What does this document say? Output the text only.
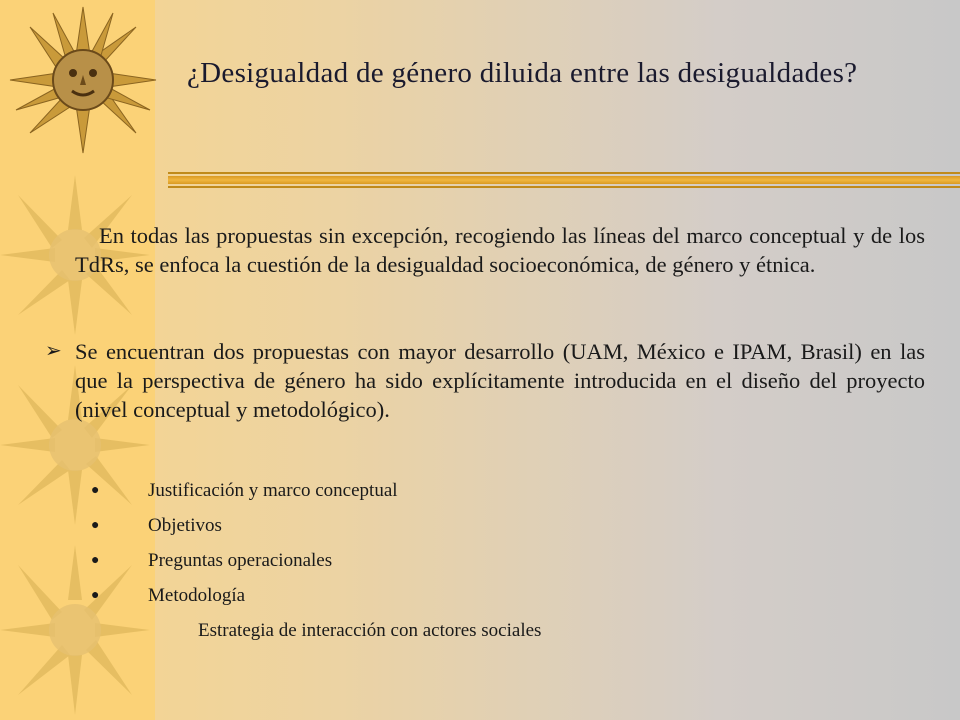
¿Desigualdad de género diluida entre las desigualdades?
En todas las propuestas sin excepción, recogiendo las líneas del marco conceptual y de los TdRs, se enfoca la cuestión de la desigualdad socioeconómica, de género y étnica.
➢ Se encuentran dos propuestas con mayor desarrollo (UAM, México e IPAM, Brasil) en las que la perspectiva de género ha sido explícitamente introducida en el diseño del proyecto (nivel conceptual y metodológico).
●	Justificación y marco conceptual
●	Objetivos
●	Preguntas operacionales
●	Metodología
Estrategia de interacción con actores sociales
